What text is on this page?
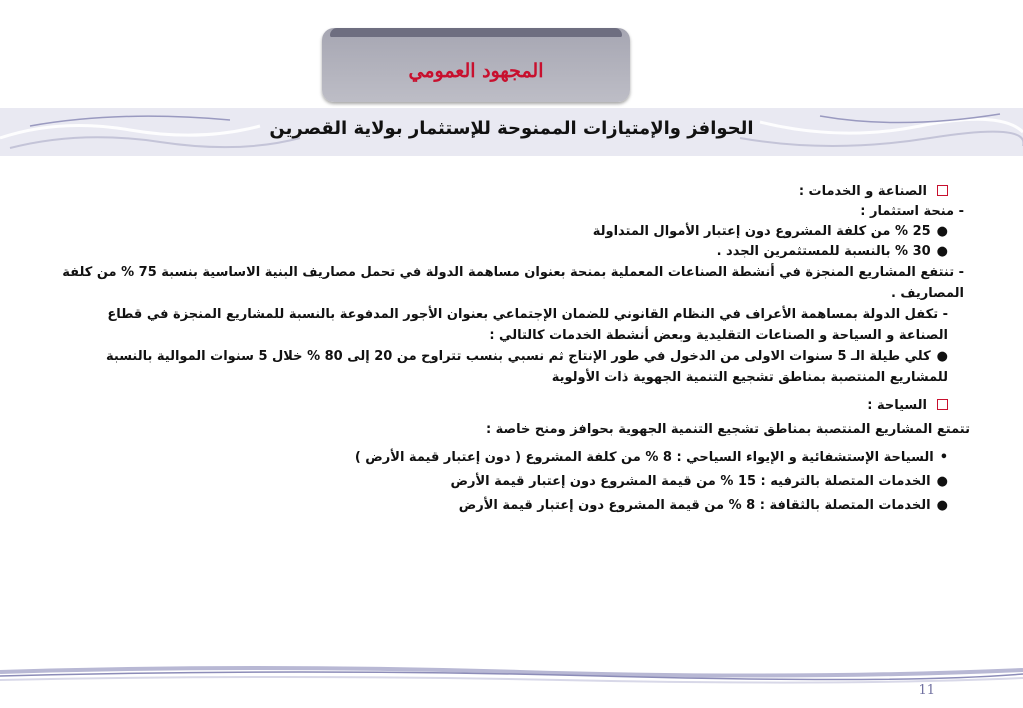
المجهود العمومي
الحوافز والإمتيازات الممنوحة للإستثمار بولاية القصرين
الصناعة و الخدمات :
- منحة استثمار :
●25 % من كلفة المشروع دون إعتبار الأموال المتداولة
●30 % بالنسبة للمستثمرين الجدد .
- تنتفع المشاريع المنجزة في أنشطة الصناعات المعملية بمنحة بعنوان مساهمة الدولة في تحمل مصاريف البنية الاساسية بنسبة 75 % من كلفة المصاريف .
- تكفل الدولة بمساهمة الأعراف في النظام القانوني للضمان الإجتماعي بعنوان الأجور المدفوعة بالنسبة للمشاريع المنجزة في قطاع الصناعة و السياحة و الصناعات التقليدية وبعض أنشطة الخدمات كالتالي :
●كلي طيلة الـ 5 سنوات الاولى من الدخول في طور الإنتاج ثم نسبي بنسب تتراوح من 20 إلى 80 % خلال 5 سنوات الموالية بالنسبة للمشاريع المنتصبة بمناطق تشجيع التنمية الجهوية ذات الأولوية
السياحة :
تتمتع المشاريع المنتصبة بمناطق تشجيع التنمية الجهوية بحوافز ومنح خاصة :
•السياحة الإستشفائية و الإيواء السياحي : 8 % من كلفة المشروع ( دون إعتبار قيمة الأرض )
●الخدمات المتصلة بالترفيه : 15 % من قيمة المشروع دون إعتبار قيمة الأرض
●الخدمات المتصلة بالثقافة : 8 % من قيمة المشروع دون إعتبار قيمة الأرض
11
